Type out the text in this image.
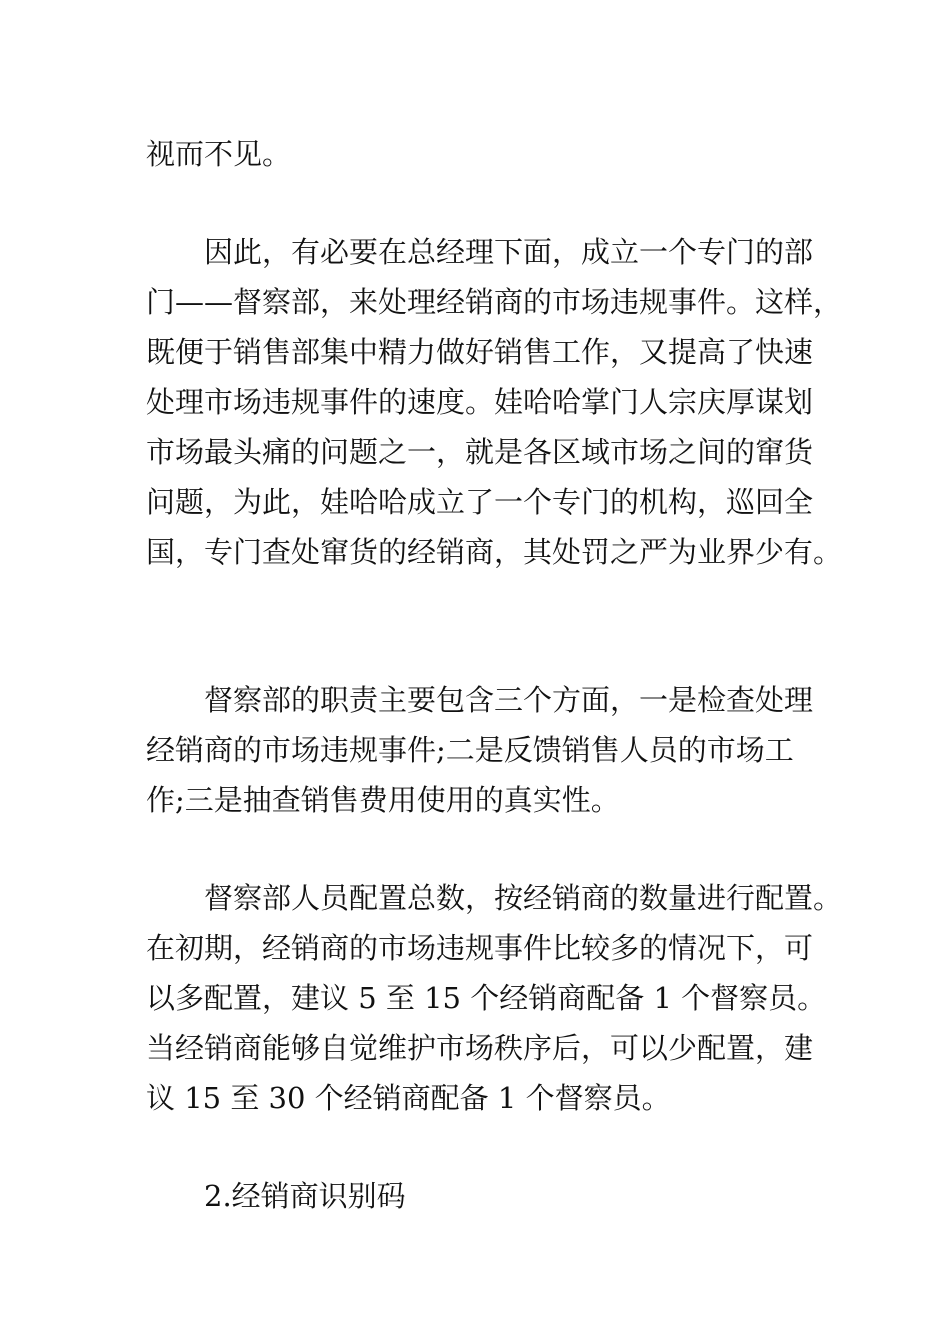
视而不见。
　　因此，有必要在总经理下面，成立一个专门的部
门——督察部，来处理经销商的市场违规事件。这样，
既便于销售部集中精力做好销售工作，又提高了快速
处理市场违规事件的速度。娃哈哈掌门人宗庆厚谋划
市场最头痛的问题之一，就是各区域市场之间的窜货
问题，为此，娃哈哈成立了一个专门的机构，巡回全
国，专门查处窜货的经销商，其处罚之严为业界少有。
　　督察部的职责主要包含三个方面，一是检查处理
经销商的市场违规事件;二是反馈销售人员的市场工
作;三是抽查销售费用使用的真实性。
　　督察部人员配置总数，按经销商的数量进行配置。
在初期，经销商的市场违规事件比较多的情况下，可
以多配置，建议 5 至 15 个经销商配备 1 个督察员。
当经销商能够自觉维护市场秩序后，可以少配置，建
议 15 至 30 个经销商配备 1 个督察员。
　　2.经销商识别码
